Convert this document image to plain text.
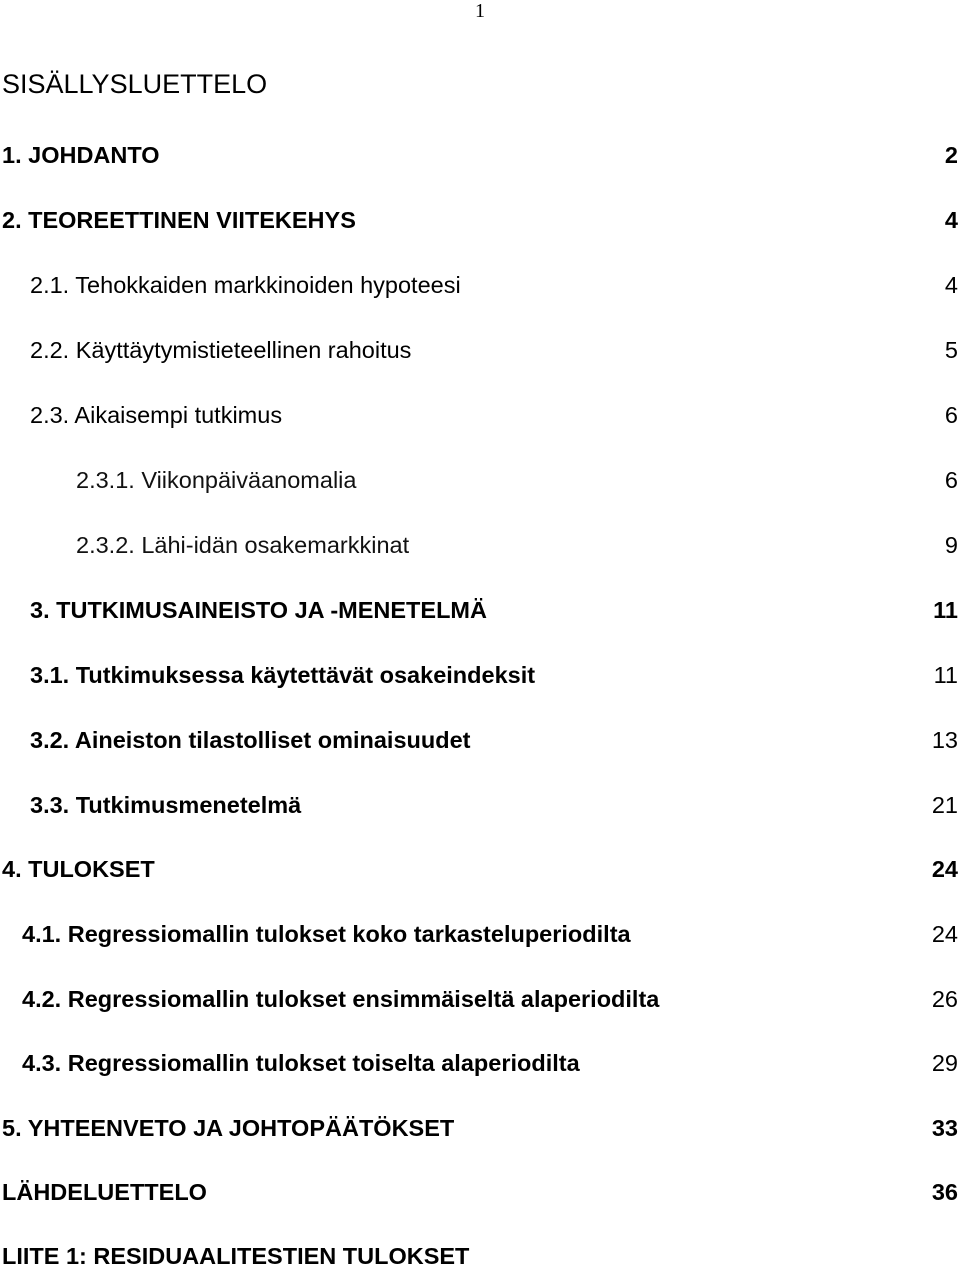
1
SISÄLLYSLUETTELO
1. JOHDANTO	2
2. TEOREETTINEN VIITEKEHYS	4
2.1. Tehokkaiden markkinoiden hypoteesi	4
2.2. Käyttäytymistieteellinen rahoitus	5
2.3. Aikaisempi tutkimus	6
2.3.1. Viikonpäiväanomalia	6
2.3.2. Lähi-idän osakemarkkinat	9
3. TUTKIMUSAINEISTO JA -MENETELMÄ	11
3.1. Tutkimuksessa käytettävät osakeindeksit	11
3.2. Aineiston tilastolliset ominaisuudet	13
3.3. Tutkimusmenetelmä	21
4. TULOKSET	24
4.1. Regressiomallin tulokset koko tarkasteluperiodilta	24
4.2. Regressiomallin tulokset ensimmäiseltä alaperiodilta	26
4.3. Regressiomallin tulokset toiselta alaperiodilta	29
5. YHTEENVETO JA JOHTOPÄÄTÖKSET	33
LÄHDELUETTELO	36
LIITE 1: RESIDUAALITESTIEN TULOKSET
